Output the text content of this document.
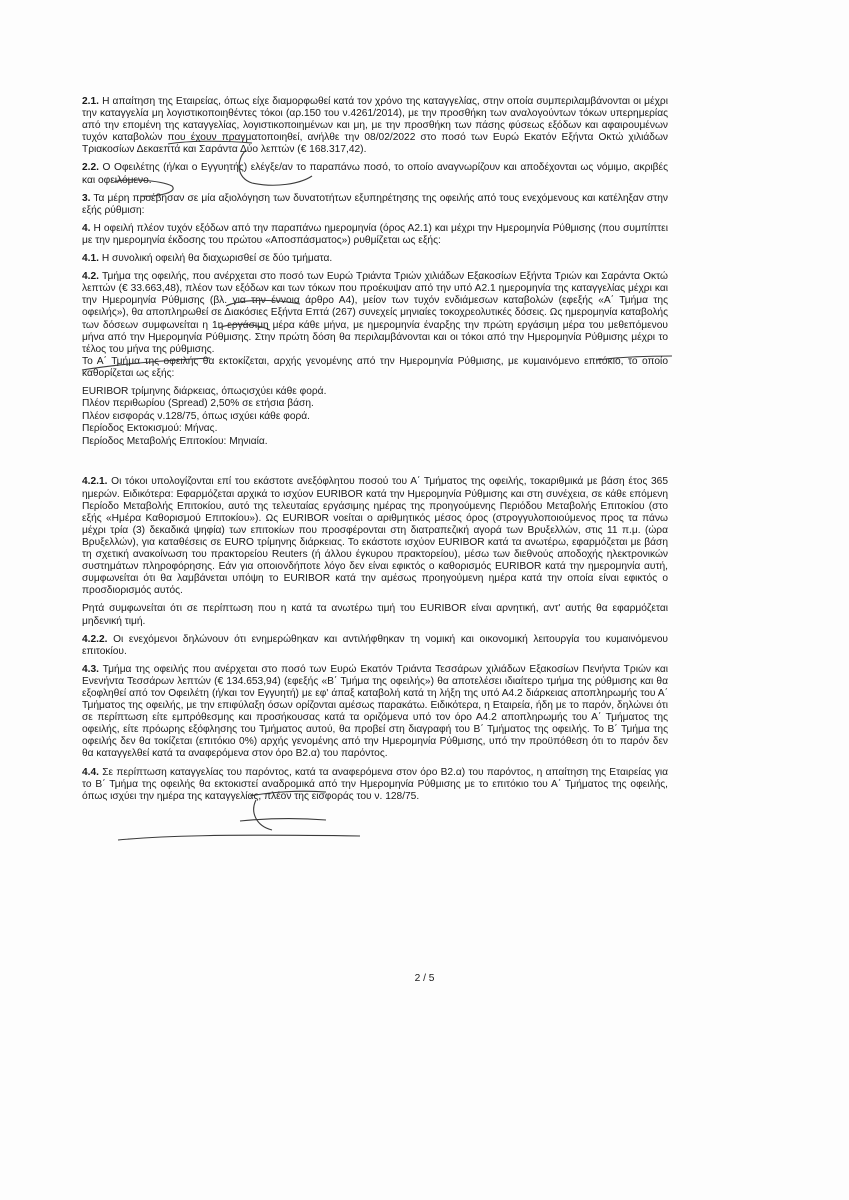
2.1. Η απαίτηση της Εταιρείας, όπως είχε διαμορφωθεί κατά τον χρόνο της καταγγελίας, στην οποία συμπεριλαμβάνονται οι μέχρι την καταγγελία μη λογιστικοποιηθέντες τόκοι (αρ.150 του ν.4261/2014), με την προσθήκη των αναλογούντων τόκων υπερημερίας από την επομένη της καταγγελίας, λογιστικοποιημένων και μη, με την προσθήκη των πάσης φύσεως εξόδων και αφαιρουμένων τυχόν καταβολών που έχουν πραγματοποιηθεί, ανήλθε την 08/02/2022 στο ποσό των Ευρώ Εκατόν Εξήντα Οκτώ χιλιάδων Τριακοσίων Δεκαεπτά και Σαράντα Δύο λεπτών (€ 168.317,42).

2.2. Ο Οφειλέτης (ή/και ο Εγγυητής) ελέγξε/αν το παραπάνω ποσό, το οποίο αναγνωρίζουν και αποδέχονται ως νόμιμο, ακριβές και οφειλόμενο.

3. Τα μέρη προέβησαν σε μία αξιολόγηση των δυνατοτήτων εξυπηρέτησης της οφειλής από τους ενεχόμενους και κατέληξαν στην εξής ρύθμιση:

4. Η οφειλή πλέον τυχόν εξόδων από την παραπάνω ημερομηνία (όρος Α2.1) και μέχρι την Ημερομηνία Ρύθμισης (που συμπίπτει με την ημερομηνία έκδοσης του πρώτου «Αποσπάσματος») ρυθμίζεται ως εξής:

4.1. Η συνολική οφειλή θα διαχωρισθεί σε δύο τμήματα.

4.2. Τμήμα της οφειλής, που ανέρχεται στο ποσό των Ευρώ Τριάντα Τριών χιλιάδων Εξακοσίων Εξήντα Τριών και Σαράντα Οκτώ λεπτών (€ 33.663,48), πλέον των εξόδων και των τόκων που προέκυψαν από την υπό Α2.1 ημερομηνία της καταγγελίας μέχρι και την Ημερομηνία Ρύθμισης (βλ. για την έννοια άρθρο Α4), μείον των τυχόν ενδιάμεσων καταβολών (εφεξής «Α΄ Τμήμα της οφειλής»), θα αποπληρωθεί σε Διακόσιες Εξήντα Επτά (267) συνεχείς μηνιαίες τοκοχρεολυτικές δόσεις. Ως ημερομηνία καταβολής των δόσεων συμφωνείται η 1η εργάσιμη μέρα κάθε μήνα, με ημερομηνία έναρξης την πρώτη εργάσιμη μέρα του μεθεπόμενου μήνα από την Ημερομηνία Ρύθμισης. Στην πρώτη δόση θα περιλαμβάνονται και οι τόκοι από την Ημερομηνία Ρύθμισης μέχρι το τέλος του μήνα της ρύθμισης.

Το Α΄ Τμήμα της οφειλής θα εκτοκίζεται, αρχής γενομένης από την Ημερομηνία Ρύθμισης, με κυμαινόμενο επιτόκιο, το οποίο καθορίζεται ως εξής:

EURIBOR τρίμηνης διάρκειας, όπωςισχύει κάθε φορά.
Πλέον περιθωρίου (Spread) 2,50% σε ετήσια βάση.
Πλέον εισφοράς ν.128/75, όπως ισχύει κάθε φορά.
Περίοδος Εκτοκισμού: Μήνας.
Περίοδος Μεταβολής Επιτοκίου: Μηνιαία.

4.2.1. Οι τόκοι υπολογίζονται επί του εκάστοτε ανεξόφλητου ποσού του Α΄ Τμήματος της οφειλής, τοκαριθμικά με βάση έτος 365 ημερών. Ειδικότερα: Εφαρμόζεται αρχικά το ισχύον EURIBOR κατά την Ημερομηνία Ρύθμισης και στη συνέχεια, σε κάθε επόμενη Περίοδο Μεταβολής Επιτοκίου, αυτό της τελευταίας εργάσιμης ημέρας της προηγούμενης Περιόδου Μεταβολής Επιτοκίου (στο εξής «Ημέρα Καθορισμού Επιτοκίου»). Ως EURIBOR νοείται ο αριθμητικός μέσος όρος (στρογγυλοποιούμενος προς τα πάνω μέχρι τρία (3) δεκαδικά ψηφία) των επιτοκίων που προσφέρονται στη διατραπεζική αγορά των Βρυξελλών, στις 11 π.μ. (ώρα Βρυξελλών), για καταθέσεις σε EURO τρίμηνης διάρκειας. Το εκάστοτε ισχύον EURIBOR κατά τα ανωτέρω, εφαρμόζεται με βάση τη σχετική ανακοίνωση του πρακτορείου Reuters (ή άλλου έγκυρου πρακτορείου), μέσω των διεθνούς αποδοχής ηλεκτρονικών συστημάτων πληροφόρησης. Εάν για οποιονδήποτε λόγο δεν είναι εφικτός ο καθορισμός EURIBOR κατά την ημερομηνία αυτή, συμφωνείται ότι θα λαμβάνεται υπόψη το EURIBOR κατά την αμέσως προηγούμενη ημέρα κατά την οποία είναι εφικτός ο προσδιορισμός αυτός.

Ρητά συμφωνείται ότι σε περίπτωση που η κατά τα ανωτέρω τιμή του EURIBOR είναι αρνητική, αντ' αυτής θα εφαρμόζεται μηδενική τιμή.

4.2.2. Οι ενεχόμενοι δηλώνουν ότι ενημερώθηκαν και αντιλήφθηκαν τη νομική και οικονομική λειτουργία του κυμαινόμενου επιτοκίου.

4.3. Τμήμα της οφειλής που ανέρχεται στο ποσό των Ευρώ Εκατόν Τριάντα Τεσσάρων χιλιάδων Εξακοσίων Πενήντα Τριών και Ενενήντα Τεσσάρων λεπτών (€ 134.653,94) (εφεξής «Β΄ Τμήμα της οφειλής») θα αποτελέσει ιδιαίτερο τμήμα της ρύθμισης και θα εξοφληθεί από τον Οφειλέτη (ή/και τον Εγγυητή) με εφ' άπαξ καταβολή κατά τη λήξη της υπό Α4.2 διάρκειας αποπληρωμής του Α΄ Τμήματος της οφειλής, με την επιφύλαξη όσων ορίζονται αμέσως παρακάτω. Ειδικότερα, η Εταιρεία, ήδη με το παρόν, δηλώνει ότι σε περίπτωση είτε εμπρόθεσμης και προσήκουσας κατά τα οριζόμενα υπό τον όρο Α4.2 αποπληρωμής του Α΄ Τμήματος της οφειλής, είτε πρόωρης εξόφλησης του Τμήματος αυτού, θα προβεί στη διαγραφή του Β΄ Τμήματος της οφειλής. Το Β΄ Τμήμα της οφειλής δεν θα τοκίζεται (επιτόκιο 0%) αρχής γενομένης από την Ημερομηνία Ρύθμισης, υπό την προϋπόθεση ότι το παρόν δεν θα καταγγελθεί κατά τα αναφερόμενα στον όρο Β2.α) του παρόντος.

4.4. Σε περίπτωση καταγγελίας του παρόντος, κατά τα αναφερόμενα στον όρο Β2.α) του παρόντος, η απαίτηση της Εταιρείας για το Β΄ Τμήμα της οφειλής θα εκτοκιστεί αναδρομικά από την Ημερομηνία Ρύθμισης με το επιτόκιο του Α΄ Τμήματος της οφειλής, όπως ισχύει την ημέρα της καταγγελίας, πλέον της εισφοράς του ν. 128/75.

2 / 5
